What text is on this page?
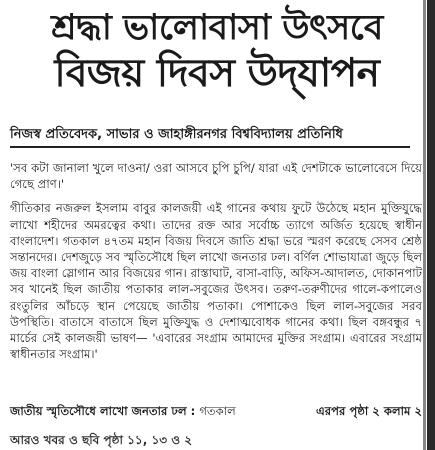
শ্রদ্ধা ভালোবাসা উৎসবে
বিজয় দিবস উদ্‌যাপন
নিজস্ব প্রতিবেদক, সাভার ও জাহাঙ্গীরনগর বিশ্ববিদ্যালয় প্রতিনিধি

'সব কটা জানালা খুলে দাওনা/ ওরা আসবে চুপি চুপি/ যারা এই দেশটাকে ভালোবেসে দিয়ে গেছে প্রাণ।'

গীতিকার নজরুল ইসলাম বাবুর কালজয়ী এই গানের কথায় ফুটে উঠেছে মহান মুক্তিযুদ্ধে লাখো শহীদের অমরত্বের কথা। তাদের রক্ত আর সর্বোচ্চ ত্যাগে অর্জিত হয়েছে স্বাধীন বাংলাদেশ। গতকাল ৪৭তম মহান বিজয় দিবসে জাতি শ্রদ্ধা ভরে স্মরণ করেছে সেসব শ্রেষ্ঠ সন্তানদের। দেশজুড়ে সব স্মৃতিসৌধে ছিল লাখো জনতার ঢল। বর্ণিল শোভাযাত্রা জুড়ে ছিল জয় বাংলা স্লোগান আর বিজয়ের গান। রাস্তাঘাট, বাসা-বাড়ি, অফিস-আদালত, দোকানপাট সব খানেই ছিল জাতীয় পতাকার লাল-সবুজের উৎসব। তরুণ-তরুণীদের গালে-কপালেও রংতুলির আঁচড়ে স্থান পেয়েছে জাতীয় পতাকা। পোশাকেও ছিল লাল-সবুজের সরব উপস্থিতি। বাতাসে বাতাসে ছিল মুক্তিযুদ্ধ ও দেশাত্মবোধক গানের কথা। ছিল বঙ্গবন্ধুর ৭ মার্চের সেই কালজয়ী ভাষণ— 'এবারের সংগ্রাম আমাদের মুক্তির সংগ্রাম। এবারের সংগ্রাম স্বাধীনতার সংগ্রাম।'

জাতীয় স্মৃতিসৌধে লাখো জনতার ঢল : গতকাল	এরপর পৃষ্ঠা ২ কলাম ২
আরও খবর ও ছবি পৃষ্ঠা ১১, ১৩ ও ২
